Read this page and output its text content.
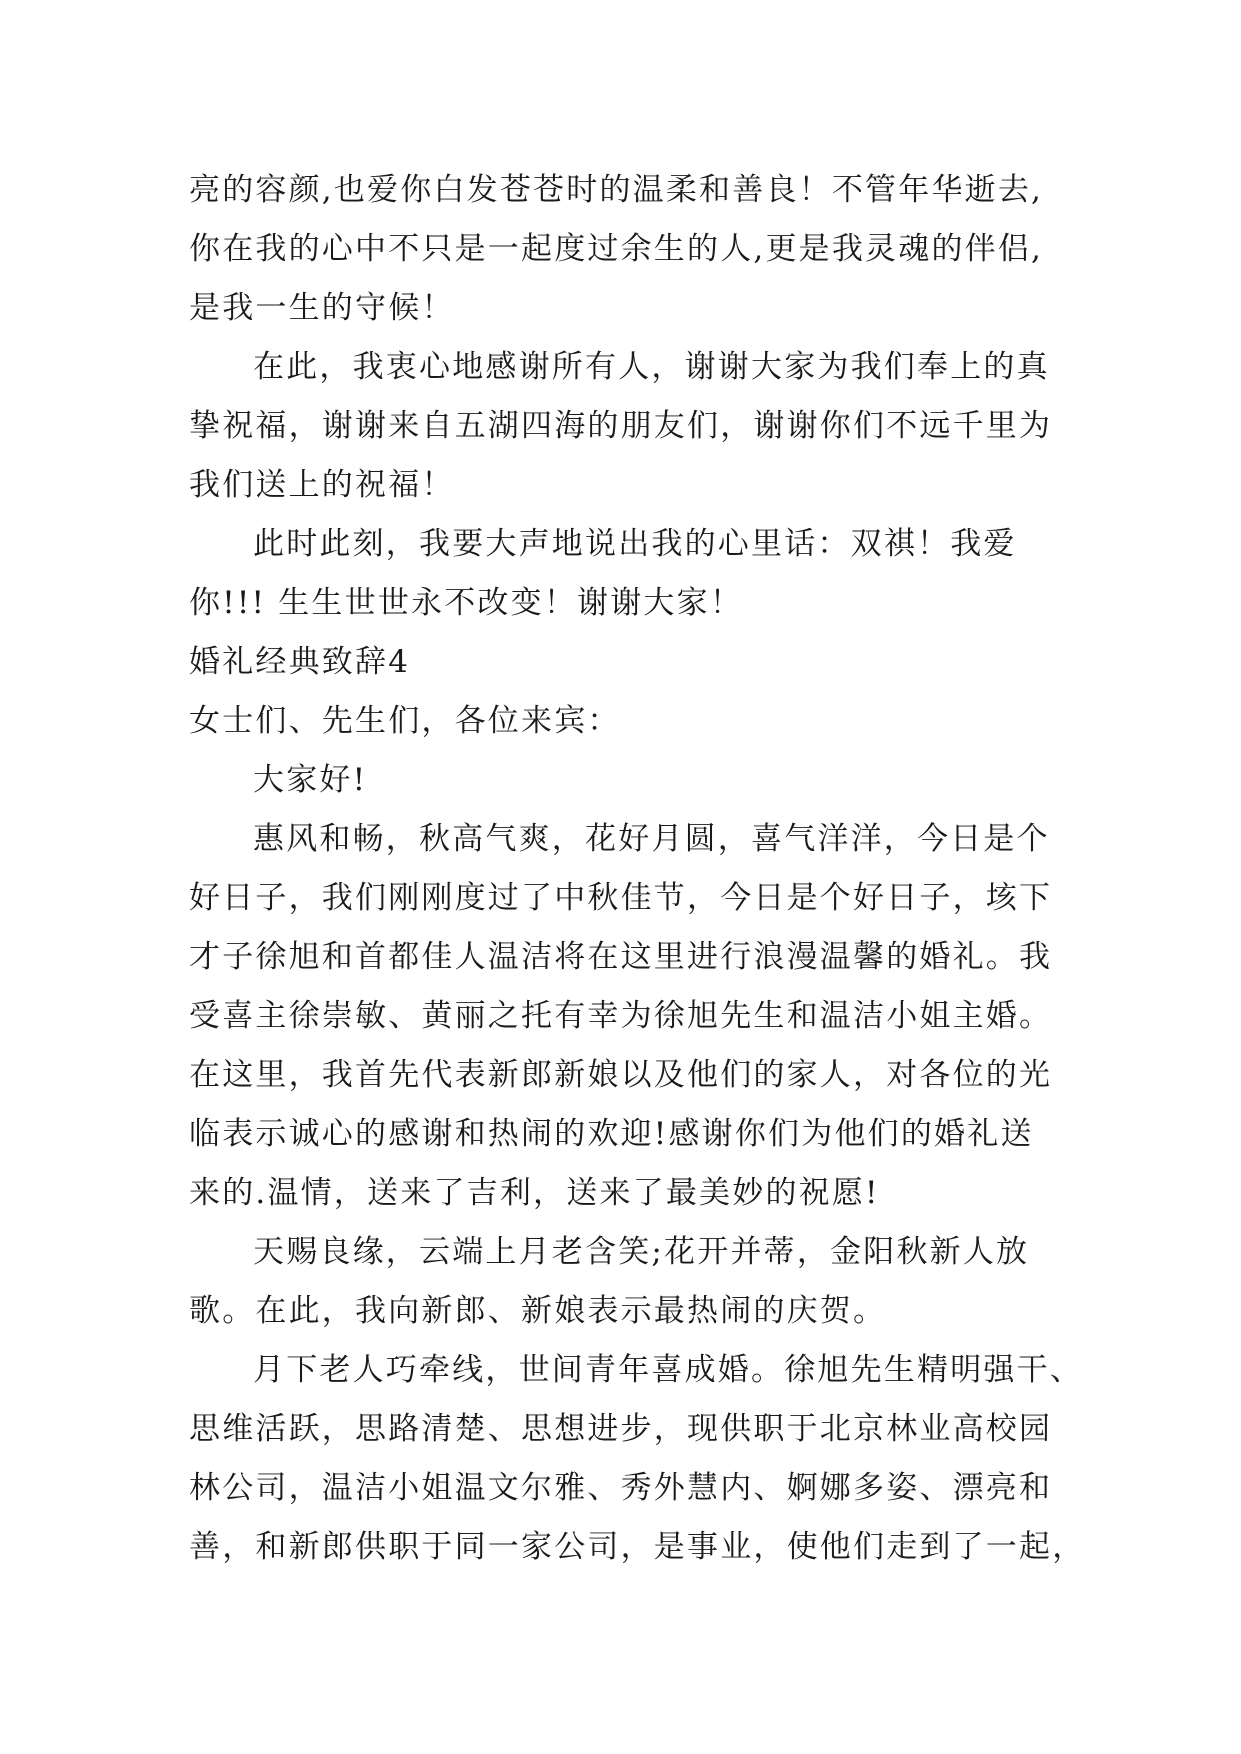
亮的容颜,也爱你白发苍苍时的温柔和善良！不管年华逝去,
你在我的心中不只是一起度过余生的人,更是我灵魂的伴侣,
是我一生的守候！
在此，我衷心地感谢所有人，谢谢大家为我们奉上的真
挚祝福，谢谢来自五湖四海的朋友们，谢谢你们不远千里为
我们送上的祝福！
此时此刻，我要大声地说出我的心里话：双祺！我爱
你!!! 生生世世永不改变！谢谢大家！
婚礼经典致辞4
女士们、先生们，各位来宾：
大家好!
惠风和畅，秋高气爽，花好月圆，喜气洋洋，今日是个
好日子，我们刚刚度过了中秋佳节，今日是个好日子，垓下
才子徐旭和首都佳人温洁将在这里进行浪漫温馨的婚礼。我
受喜主徐崇敏、黄丽之托有幸为徐旭先生和温洁小姐主婚。
在这里，我首先代表新郎新娘以及他们的家人，对各位的光
临表示诚心的感谢和热闹的欢迎!感谢你们为他们的婚礼送
来的.温情，送来了吉利，送来了最美妙的祝愿!
天赐良缘，云端上月老含笑;花开并蒂，金阳秋新人放
歌。在此，我向新郎、新娘表示最热闹的庆贺。
月下老人巧牵线，世间青年喜成婚。徐旭先生精明强干、
思维活跃，思路清楚、思想进步，现供职于北京林业高校园
林公司，温洁小姐温文尔雅、秀外慧内、婀娜多姿、漂亮和
善，和新郎供职于同一家公司，是事业，使他们走到了一起，
